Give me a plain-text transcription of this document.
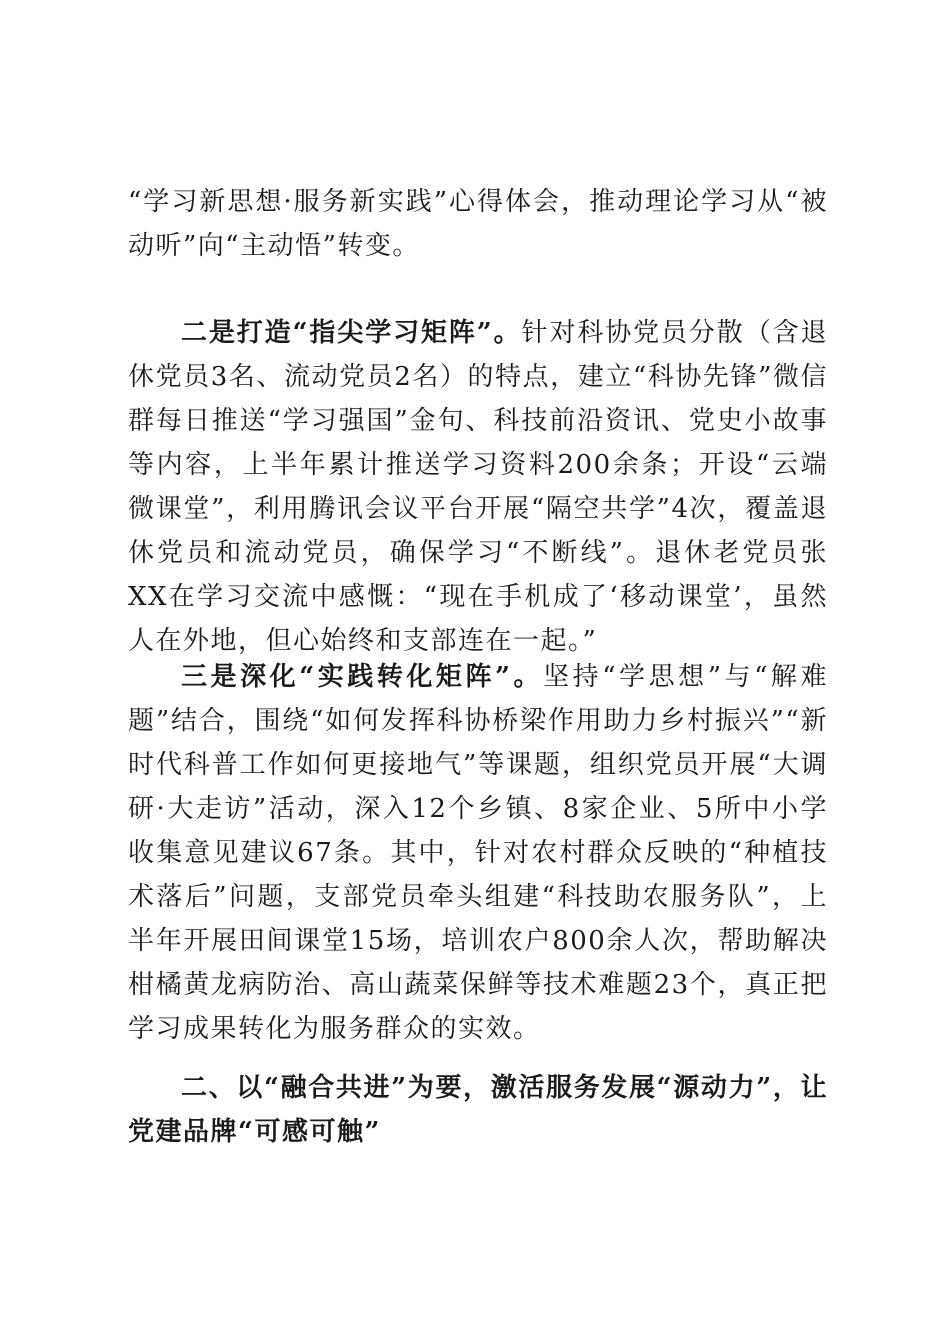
“学习新思想·服务新实践”心得体会，推动理论学习从“被动听”向“主动悟”转变。

二是打造“指尖学习矩阵”。针对科协党员分散（含退休党员3名、流动党员2名）的特点，建立“科协先锋”微信群每日推送“学习强国”金句、科技前沿资讯、党史小故事等内容，上半年累计推送学习资料200余条；开设“云端微课堂”，利用腾讯会议平台开展“隔空共学”4次，覆盖退休党员和流动党员，确保学习“不断线”。退休老党员张XX在学习交流中感慨：“现在手机成了‘移动课堂’，虽然人在外地，但心始终和支部连在一起。”

三是深化“实践转化矩阵”。坚持“学思想”与“解难题”结合，围绕“如何发挥科协桥梁作用助力乡村振兴”“新时代科普工作如何更接地气”等课题，组织党员开展“大调研·大走访”活动，深入12个乡镇、8家企业、5所中小学收集意见建议67条。其中，针对农村群众反映的“种植技术落后”问题，支部党员牵头组建“科技助农服务队”，上半年开展田间课堂15场，培训农户800余人次，帮助解决柑橘黄龙病防治、高山蔬菜保鲜等技术难题23个，真正把学习成果转化为服务群众的实效。

二、以“融合共进”为要，激活服务发展“源动力”，让党建品牌“可感可触”
